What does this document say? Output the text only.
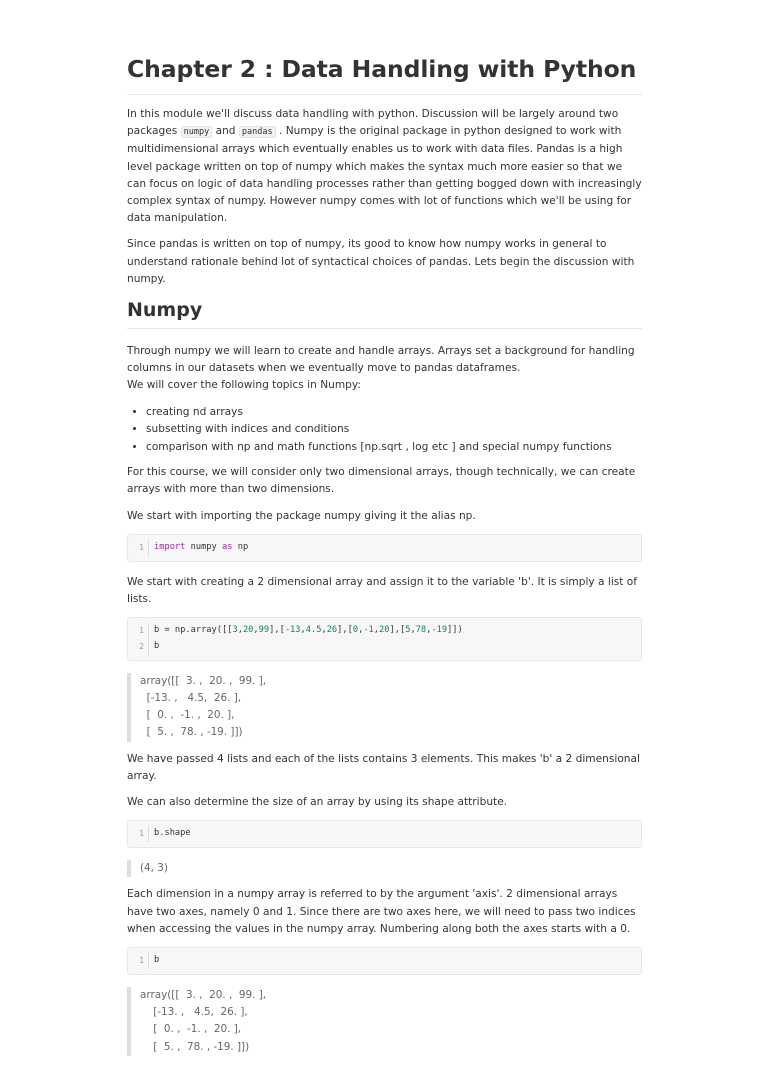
Chapter 2 : Data Handling with Python

In this module we'll discuss data handling with python. Discussion will be largely around two packages numpy and pandas . Numpy is the original package in python designed to work with multidimensional arrays which eventually enables us to work with data files. Pandas is a high level package written on top of numpy which makes the syntax much more easier so that we can focus on logic of data handling processes rather than getting bogged down with increasingly complex syntax of numpy. However numpy comes with lot of functions which we'll be using for data manipulation.

Since pandas is written on top of numpy, its good to know how numpy works in general to understand rationale behind lot of syntactical choices of pandas. Lets begin the discussion with numpy.

Numpy

Through numpy we will learn to create and handle arrays. Arrays set a background for handling columns in our datasets when we eventually move to pandas dataframes.
We will cover the following topics in Numpy:

• creating nd arrays
• subsetting with indices and conditions
• comparison with np and math functions [np.sqrt , log etc ] and special numpy functions

For this course, we will consider only two dimensional arrays, though technically, we can create arrays with more than two dimensions.

We start with importing the package numpy giving it the alias np.

1	import numpy as np

We start with creating a 2 dimensional array and assign it to the variable 'b'. It is simply a list of lists.

1	b = np.array([[3,20,99],[-13,4.5,26],[0,-1,20],[5,78,-19]])
2	b
array([[  3. ,  20. ,  99. ],
[-13. ,   4.5,  26. ],
[  0. ,  -1. ,  20. ],
[  5. ,  78. , -19. ]])

We have passed 4 lists and each of the lists contains 3 elements. This makes 'b' a 2 dimensional array.

We can also determine the size of an array by using its shape attribute.

1	b.shape
(4, 3)

Each dimension in a numpy array is referred to by the argument 'axis'. 2 dimensional arrays have two axes, namely 0 and 1. Since there are two axes here, we will need to pass two indices when accessing the values in the numpy array. Numbering along both the axes starts with a 0.

1	b
array([[  3. ,  20. ,  99. ],
[-13. ,   4.5,  26. ],
[  0. ,  -1. ,  20. ],
[  5. ,  78. , -19. ]])
